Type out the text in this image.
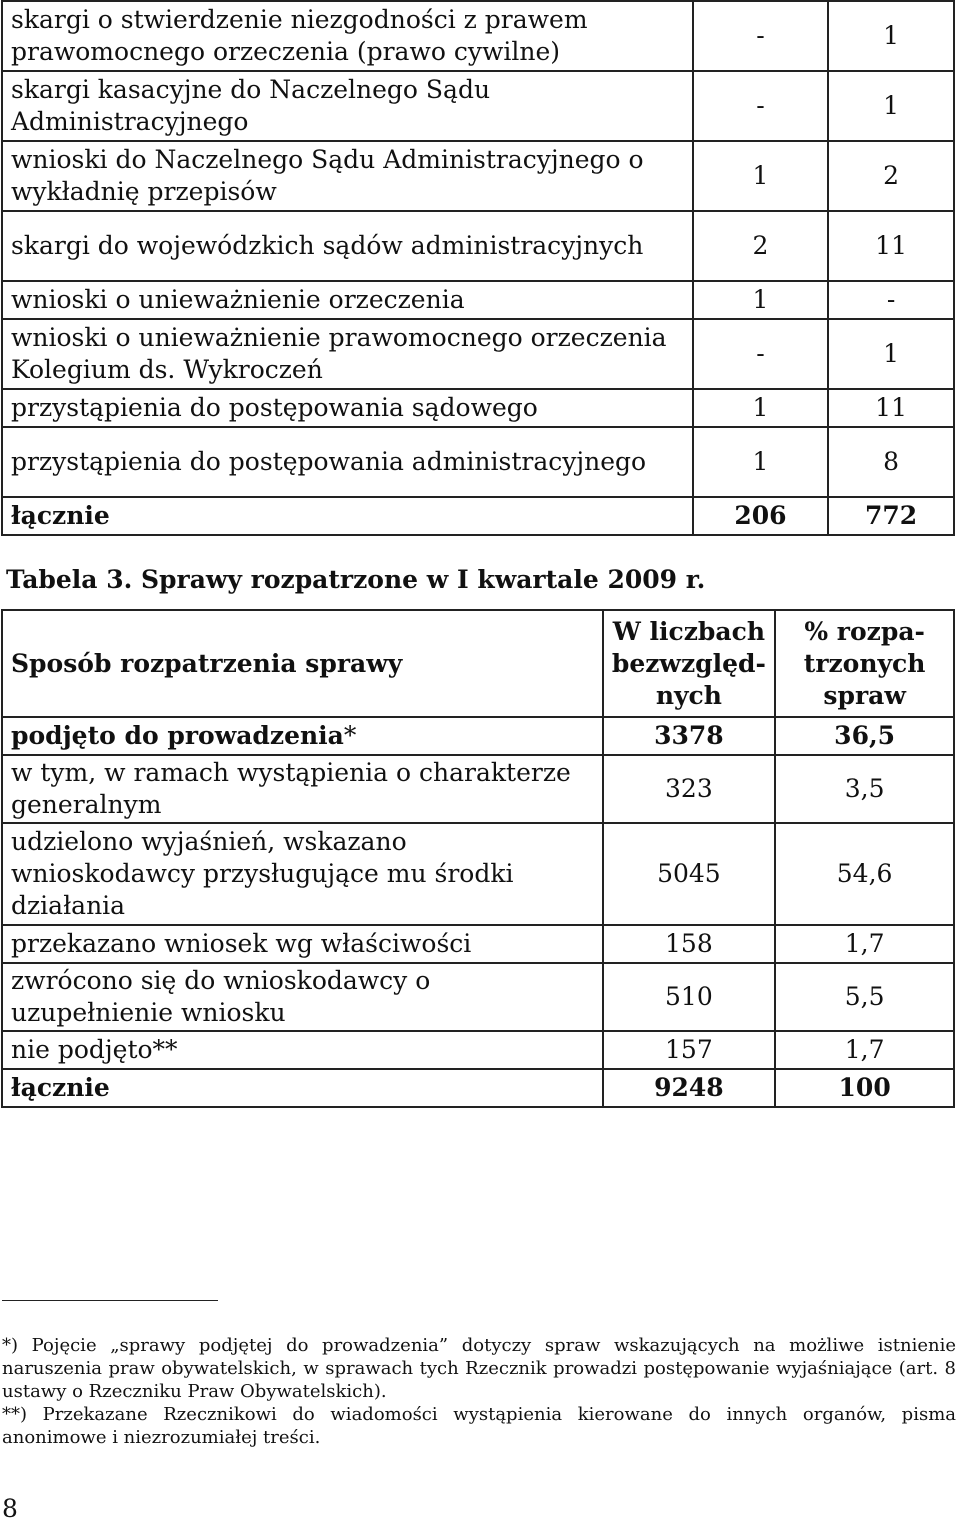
skargi o stwierdzenie niezgodności z prawem prawomocnego orzeczenia (prawo cywilne)	-	1
skargi kasacyjne do Naczelnego Sądu Administracyjnego	-	1
wnioski do Naczelnego Sądu Administracyjnego o wykładnię przepisów	1	2
skargi do wojewódzkich sądów administracyjnych	2	11
wnioski o unieważnienie orzeczenia	1	-
wnioski o unieważnienie prawomocnego orzeczenia Kolegium ds. Wykroczeń	-	1
przystąpienia do postępowania sądowego	1	11
przystąpienia do postępowania administracyjnego	1	8
łącznie	206	772

Tabela 3. Sprawy rozpatrzone w I kwartale 2009 r.

Sposób rozpatrzenia sprawy	W liczbach bezwzględ-nych	% rozpa-trzonych spraw
podjęto do prowadzenia*	3378	36,5
w tym, w ramach wystąpienia o charakterze generalnym	323	3,5
udzielono wyjaśnień, wskazano wnioskodawcy przysługujące mu środki działania	5045	54,6
przekazano wniosek wg właściwości	158	1,7
zwrócono się do wnioskodawcy o uzupełnienie wniosku	510	5,5
nie podjęto**	157	1,7
łącznie	9248	100

*) Pojęcie „sprawy podjętej do prowadzenia” dotyczy spraw wskazujących na możliwe istnienie naruszenia praw obywatelskich, w sprawach tych Rzecznik prowadzi postępowanie wyjaśniające (art. 8 ustawy o Rzeczniku Praw Obywatelskich).

**) Przekazane Rzecznikowi do wiadomości wystąpienia kierowane do innych organów, pisma anonimowe i niezrozumiałej treści.

8
